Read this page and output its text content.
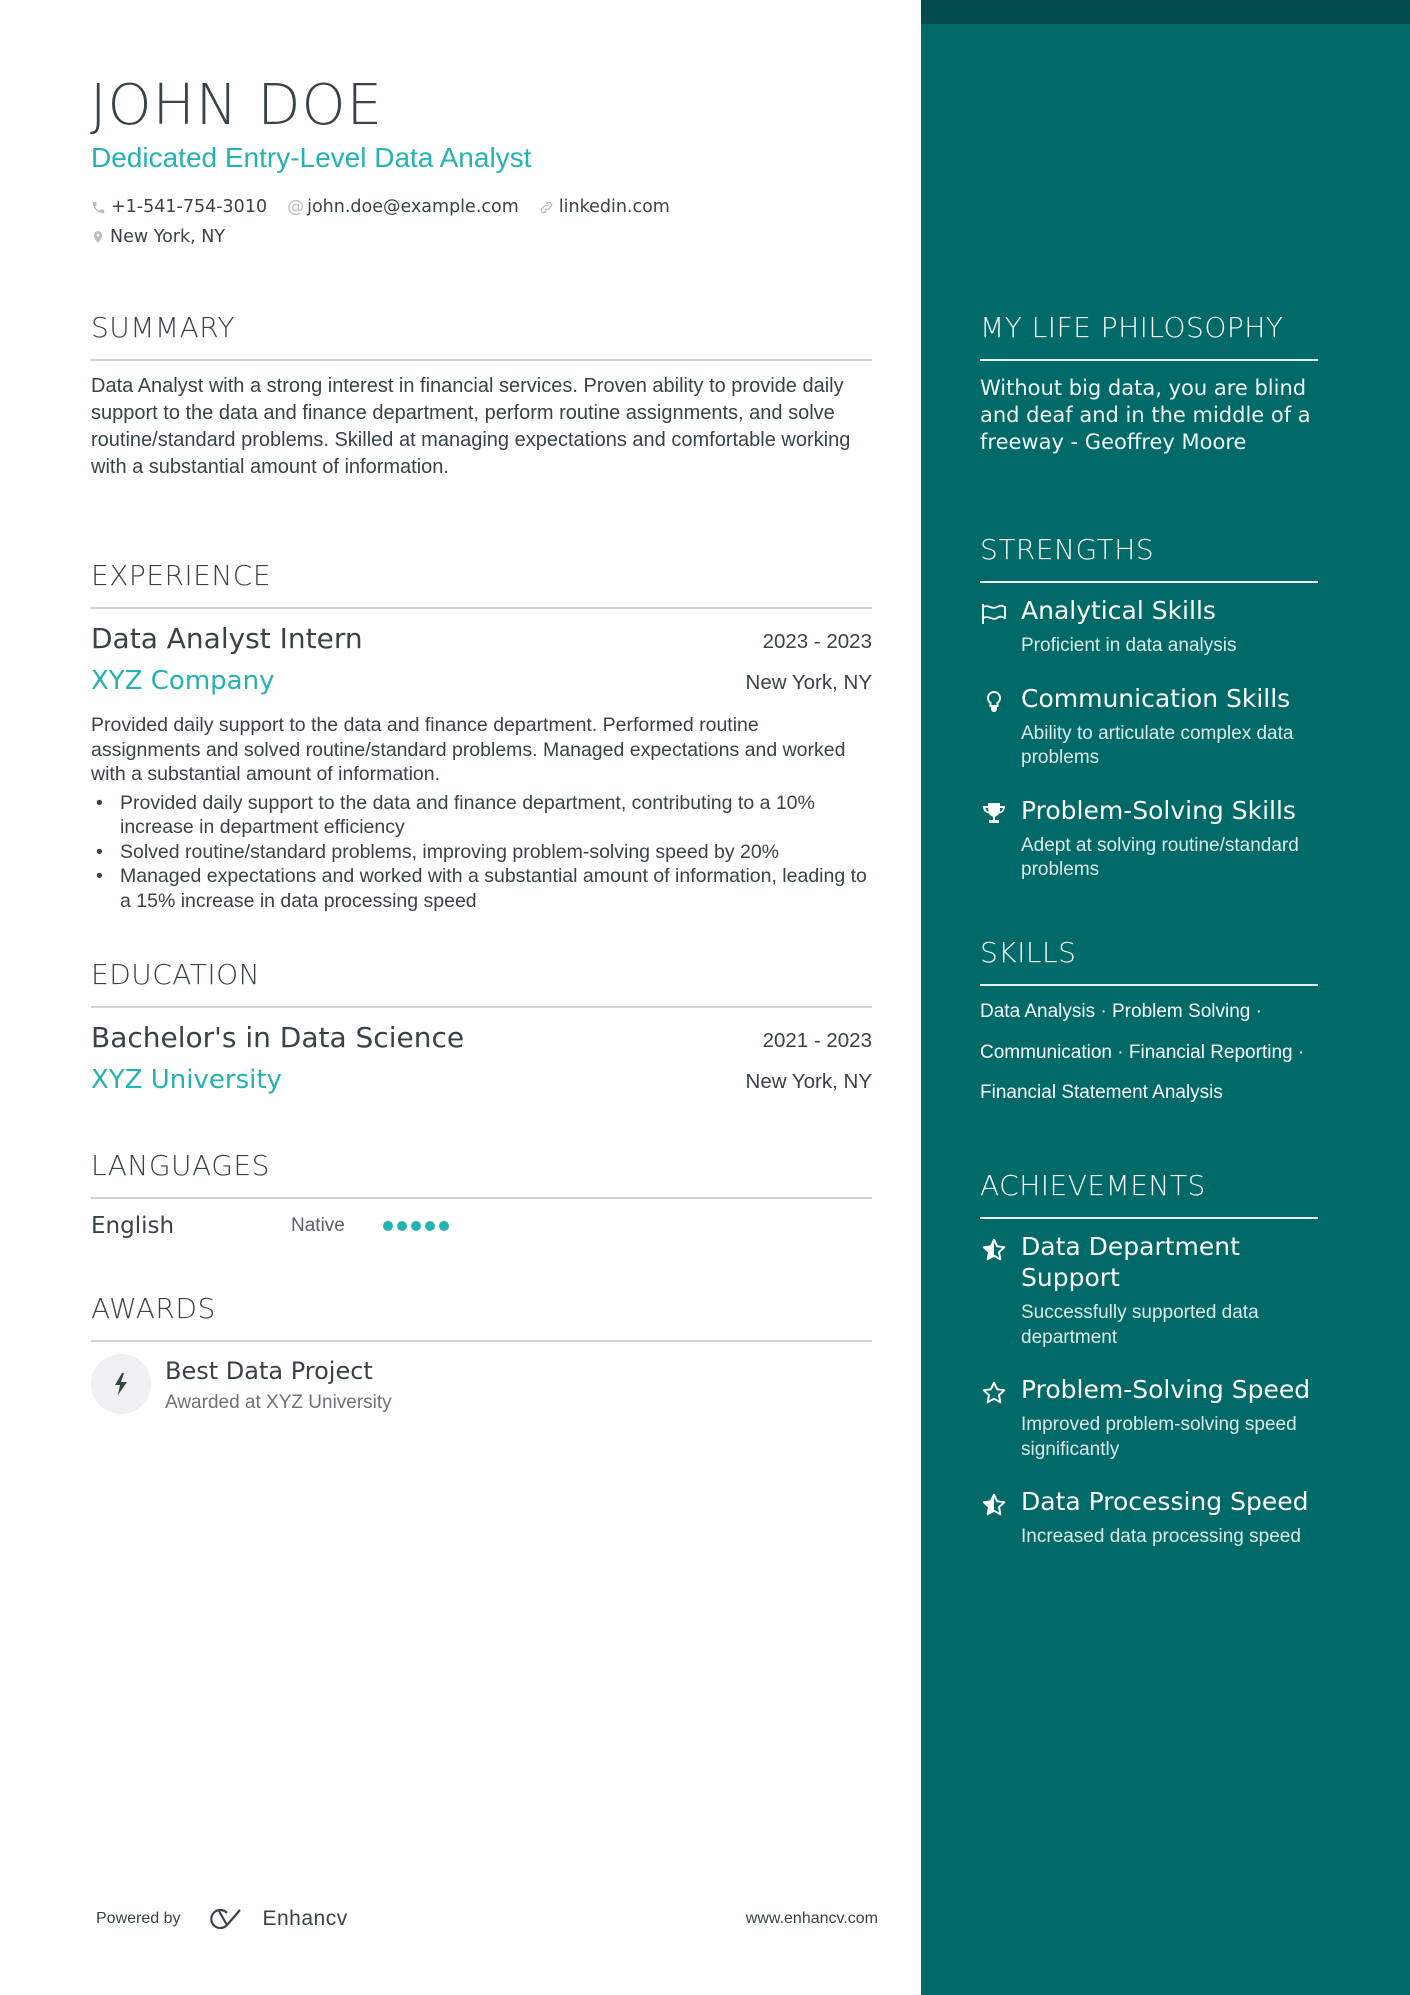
JOHN DOE
Dedicated Entry-Level Data Analyst
+1-541-754-3010 @ john.doe@example.com linkedin.com
New York, NY
SUMMARY
Data Analyst with a strong interest in financial services. Proven ability to provide daily support to the data and finance department, perform routine assignments, and solve routine/standard problems. Skilled at managing expectations and comfortable working with a substantial amount of information.
EXPERIENCE
Data Analyst Intern	2023 - 2023
XYZ Company	New York, NY
Provided daily support to the data and finance department. Performed routine assignments and solved routine/standard problems. Managed expectations and worked with a substantial amount of information.
• Provided daily support to the data and finance department, contributing to a 10% increase in department efficiency
• Solved routine/standard problems, improving problem-solving speed by 20%
• Managed expectations and worked with a substantial amount of information, leading to a 15% increase in data processing speed
EDUCATION
Bachelor's in Data Science	2021 - 2023
XYZ University	New York, NY
LANGUAGES
English	Native
AWARDS
Best Data Project
Awarded at XYZ University
Powered by	Enhancv	www.enhancv.com
MY LIFE PHILOSOPHY
Without big data, you are blind and deaf and in the middle of a freeway - Geoffrey Moore
STRENGTHS
Analytical Skills
Proficient in data analysis
Communication Skills
Ability to articulate complex data problems
Problem-Solving Skills
Adept at solving routine/standard problems
SKILLS
Data Analysis · Problem Solving ·
Communication · Financial Reporting ·
Financial Statement Analysis
ACHIEVEMENTS
Data Department Support
Successfully supported data department
Problem-Solving Speed
Improved problem-solving speed significantly
Data Processing Speed
Increased data processing speed
